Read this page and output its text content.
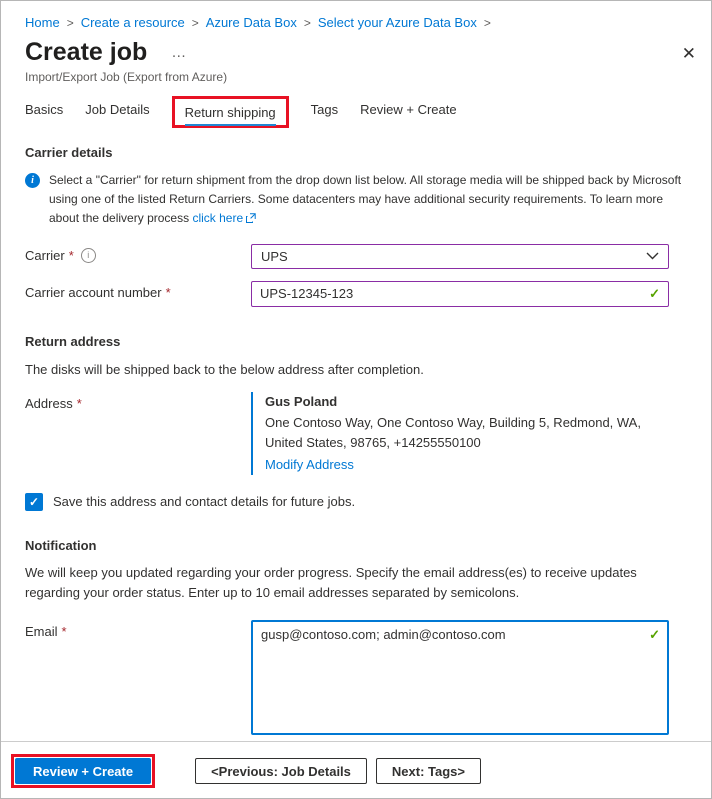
Home > Create a resource > Azure Data Box > Select your Azure Data Box >
Create job …
Import/Export Job (Export from Azure)
✕
Basics Job Details	Return shipping	Tags Review + Create
Carrier details
i	Select a "Carrier" for return shipment from the drop down list below. All storage media will be shipped back by Microsoft using one of the listed Return Carriers. Some datacenters may have additional security requirements. To learn more about the delivery process click here
Carrier *	i	UPS
Carrier account number *
UPS-12345-123	✓
Return address
The disks will be shipped back to the below address after completion.
Address *	Gus Poland
One Contoso Way, One Contoso Way, Building 5, Redmond, WA, United States, 98765, +14255550100
Modify Address
✓	Save this address and contact details for future jobs.
Notification
We will keep you updated regarding your order progress. Specify the email address(es) to receive updates regarding your order status. Enter up to 10 email addresses separated by semicolons.
Email *
gusp@contoso.com; admin@contoso.com	✓
Review + Create	<Previous: Job Details	Next: Tags>
